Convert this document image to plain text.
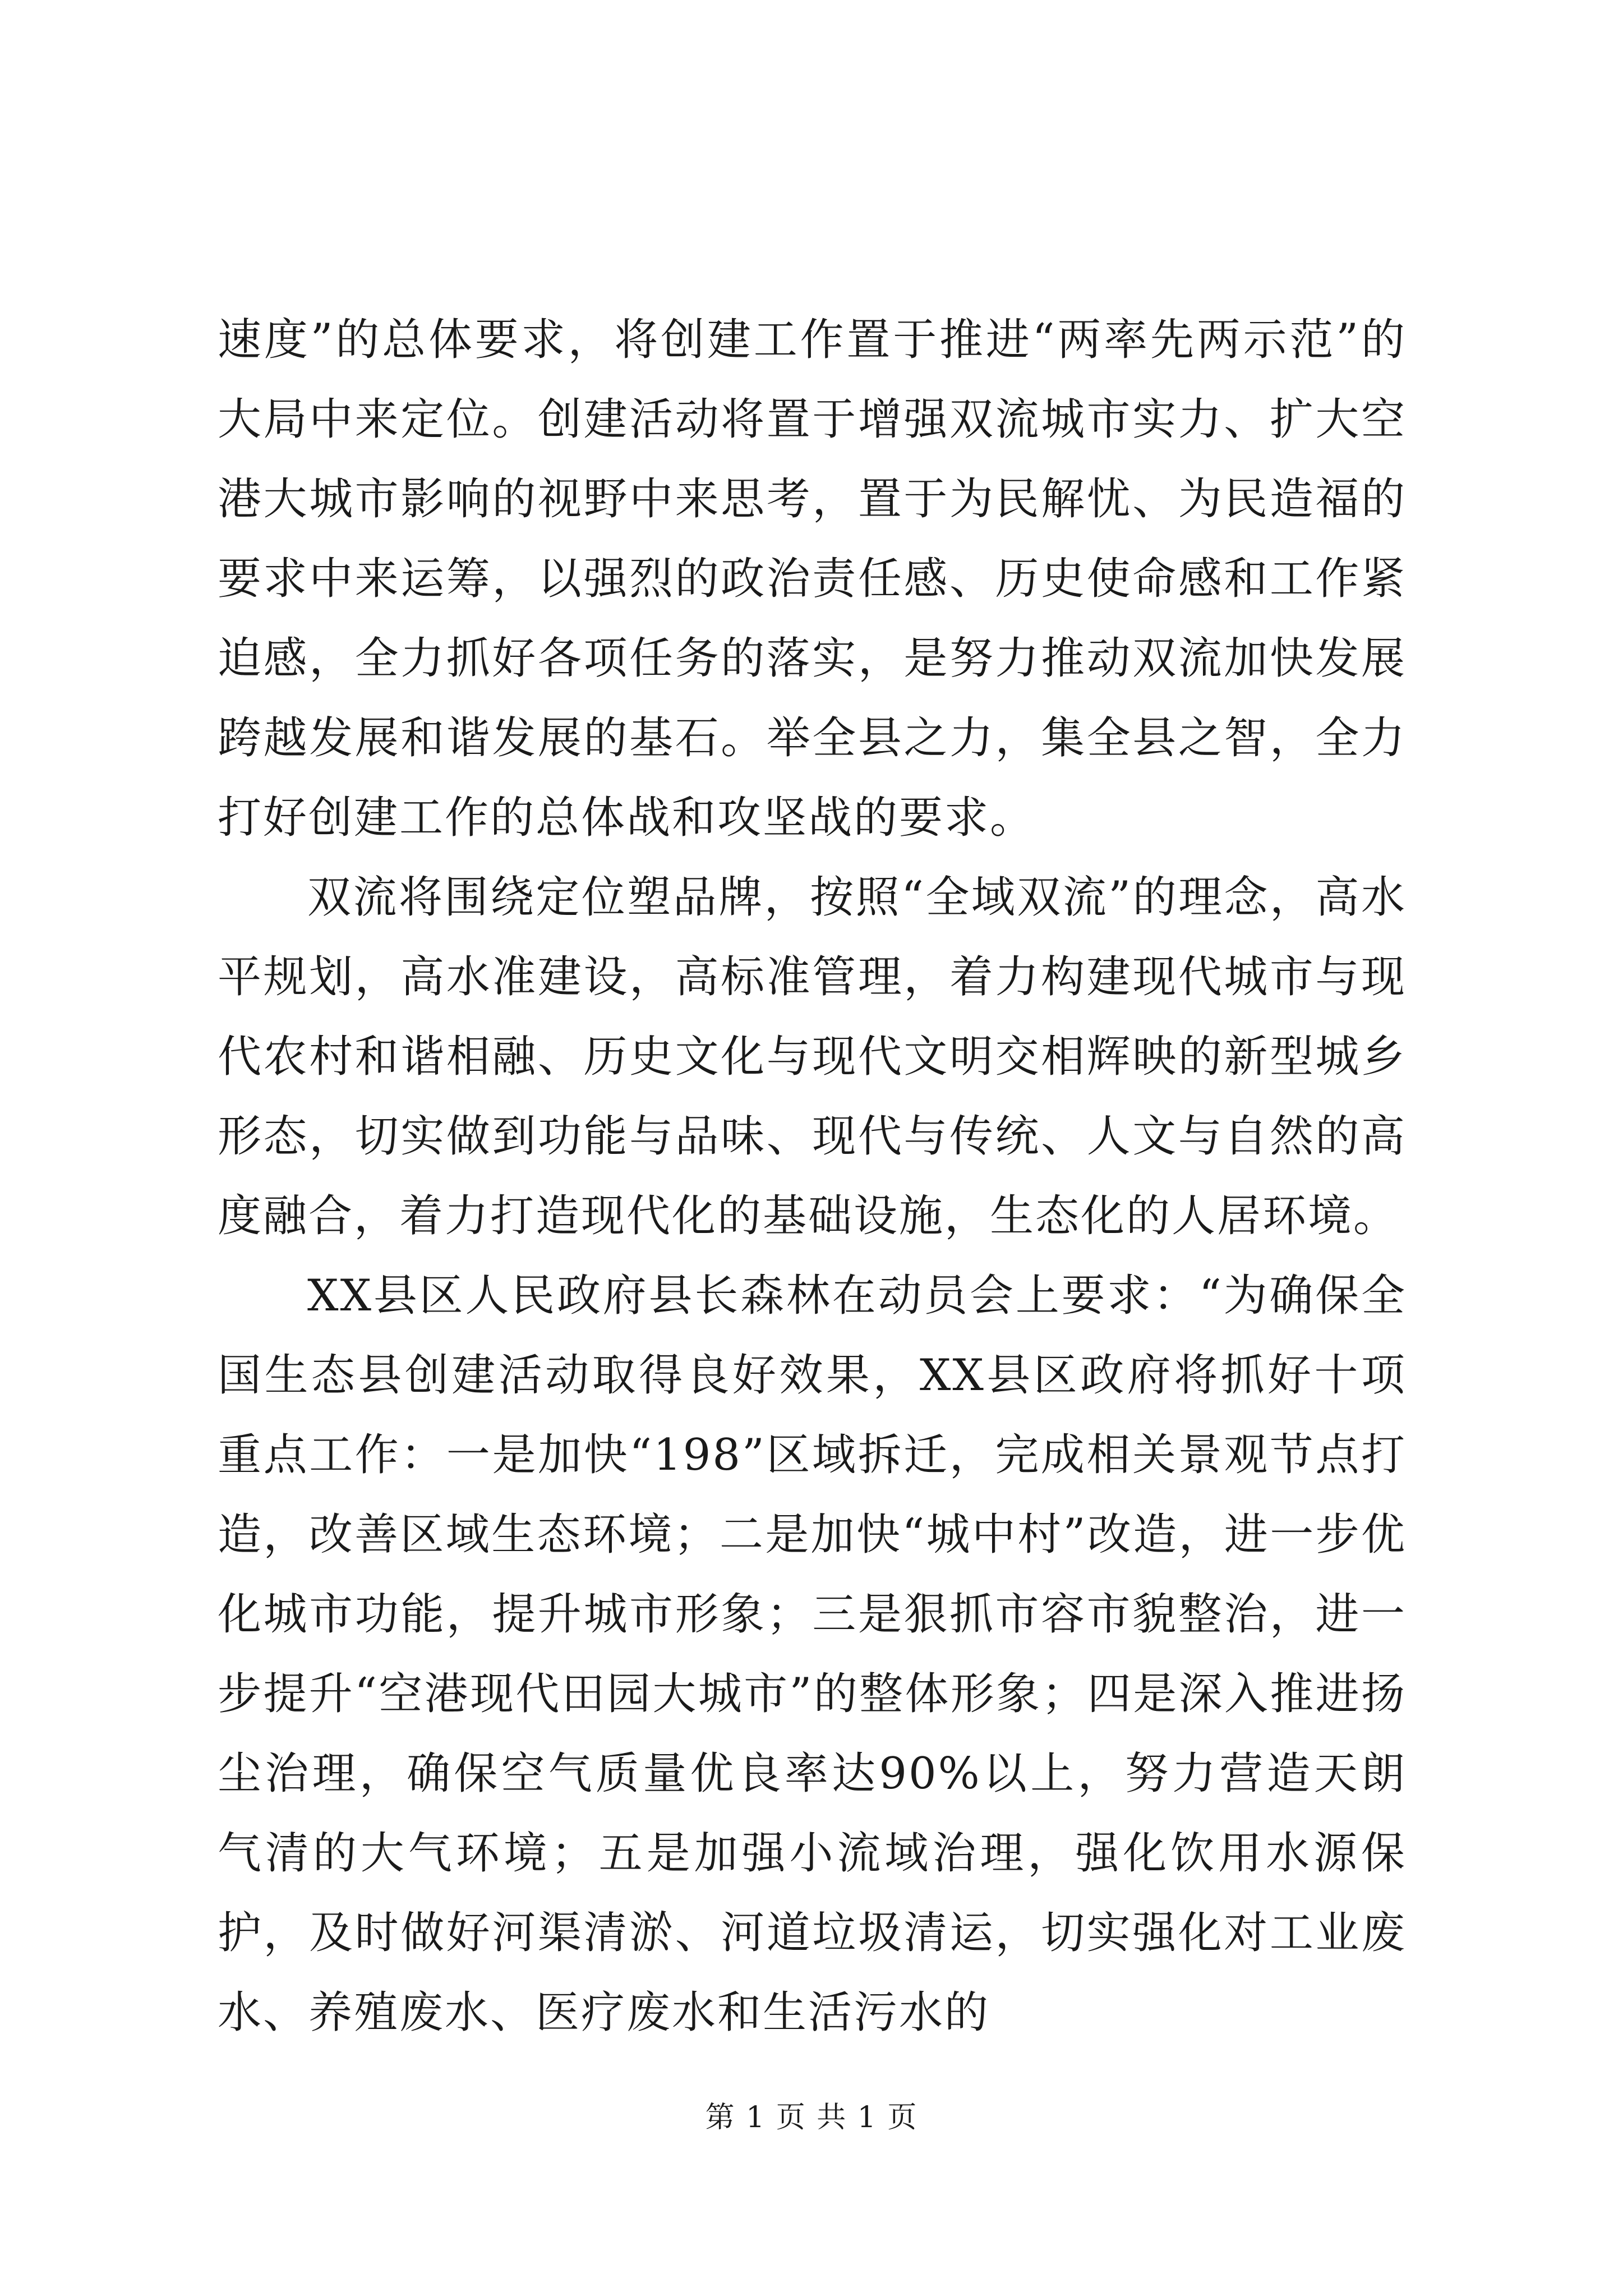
速度”的总体要求，将创建工作置于推进“两率先两示范”的大局中来定位。创建活动将置于增强双流城市实力、扩大空港大城市影响的视野中来思考，置于为民解忧、为民造福的要求中来运筹，以强烈的政治责任感、历史使命感和工作紧迫感，全力抓好各项任务的落实，是努力推动双流加快发展跨越发展和谐发展的基石。举全县之力，集全县之智，全力打好创建工作的总体战和攻坚战的要求。

双流将围绕定位塑品牌，按照“全域双流”的理念，高水平规划，高水准建设，高标准管理，着力构建现代城市与现代农村和谐相融、历史文化与现代文明交相辉映的新型城乡形态，切实做到功能与品味、现代与传统、人文与自然的高度融合，着力打造现代化的基础设施，生态化的人居环境。

XX县区人民政府县长森林在动员会上要求：“为确保全国生态县创建活动取得良好效果，XX县区政府将抓好十项重点工作：一是加快“198”区域拆迁，完成相关景观节点打造，改善区域生态环境；二是加快“城中村”改造，进一步优化城市功能，提升城市形象；三是狠抓市容市貌整治，进一步提升“空港现代田园大城市”的整体形象；四是深入推进扬尘治理，确保空气质量优良率达90%以上，努力营造天朗气清的大气环境；五是加强小流域治理，强化饮用水源保护，及时做好河渠清淤、河道垃圾清运，切实强化对工业废水、养殖废水、医疗废水和生活污水的

第 1 页 共 1 页
